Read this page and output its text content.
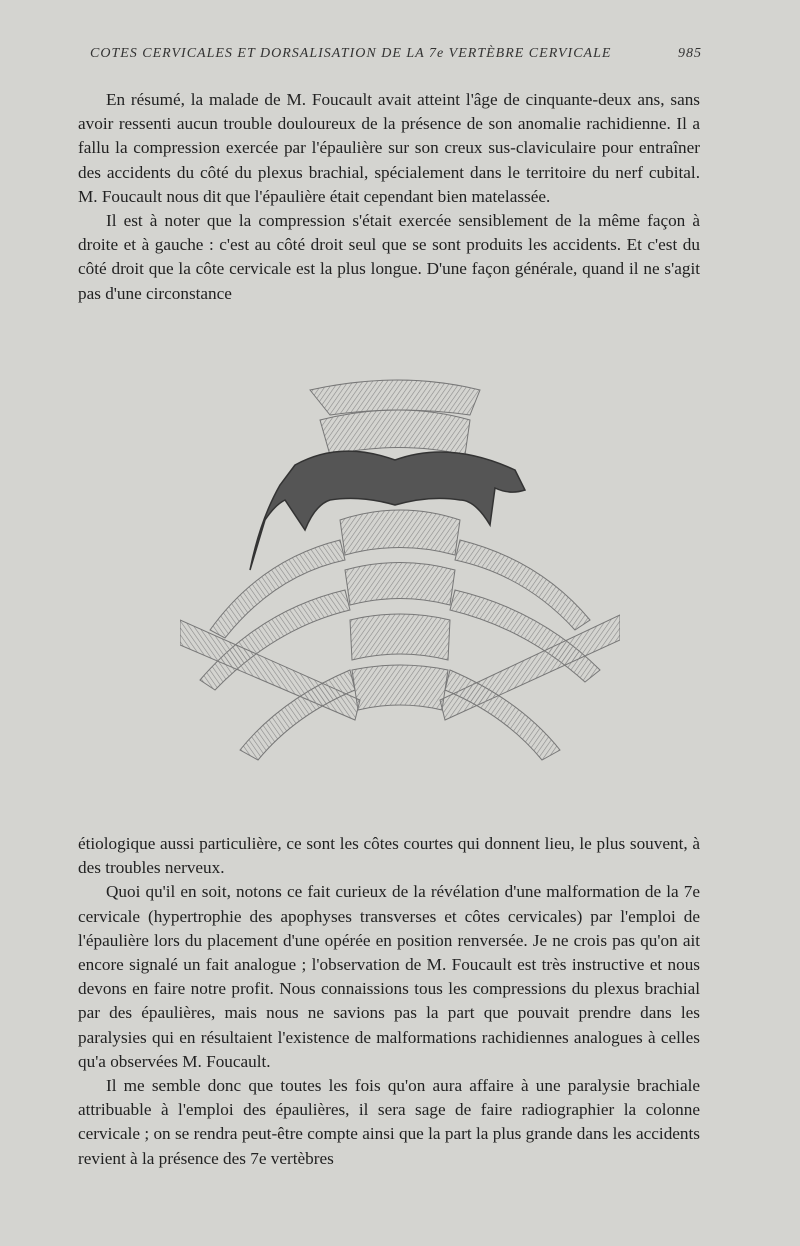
COTES CERVICALES ET DORSALISATION DE LA 7e VERTÈBRE CERVICALE	985

En résumé, la malade de M. Foucault avait atteint l'âge de cinquante-deux ans, sans avoir ressenti aucun trouble douloureux de la présence de son anomalie rachidienne. Il a fallu la compression exercée par l'épaulière sur son creux sus-claviculaire pour entraîner des accidents du côté du plexus brachial, spécialement dans le territoire du nerf cubital. M. Foucault nous dit que l'épaulière était cependant bien matelassée.

Il est à noter que la compression s'était exercée sensiblement de la même façon à droite et à gauche : c'est au côté droit seul que se sont produits les accidents. Et c'est du côté droit que la côte cervicale est la plus longue. D'une façon générale, quand il ne s'agit pas d'une circonstance

étiologique aussi particulière, ce sont les côtes courtes qui donnent lieu, le plus souvent, à des troubles nerveux.

Quoi qu'il en soit, notons ce fait curieux de la révélation d'une malformation de la 7e cervicale (hypertrophie des apophyses transverses et côtes cervicales) par l'emploi de l'épaulière lors du placement d'une opérée en position renversée. Je ne crois pas qu'on ait encore signalé un fait analogue ; l'observation de M. Foucault est très instructive et nous devons en faire notre profit. Nous connaissions tous les compressions du plexus brachial par des épaulières, mais nous ne savions pas la part que pouvait prendre dans les paralysies qui en résultaient l'existence de malformations rachidiennes analogues à celles qu'a observées M. Foucault.

Il me semble donc que toutes les fois qu'on aura affaire à une paralysie brachiale attribuable à l'emploi des épaulières, il sera sage de faire radiographier la colonne cervicale ; on se rendra peut-être compte ainsi que la part la plus grande dans les accidents revient à la présence des 7e vertèbres
